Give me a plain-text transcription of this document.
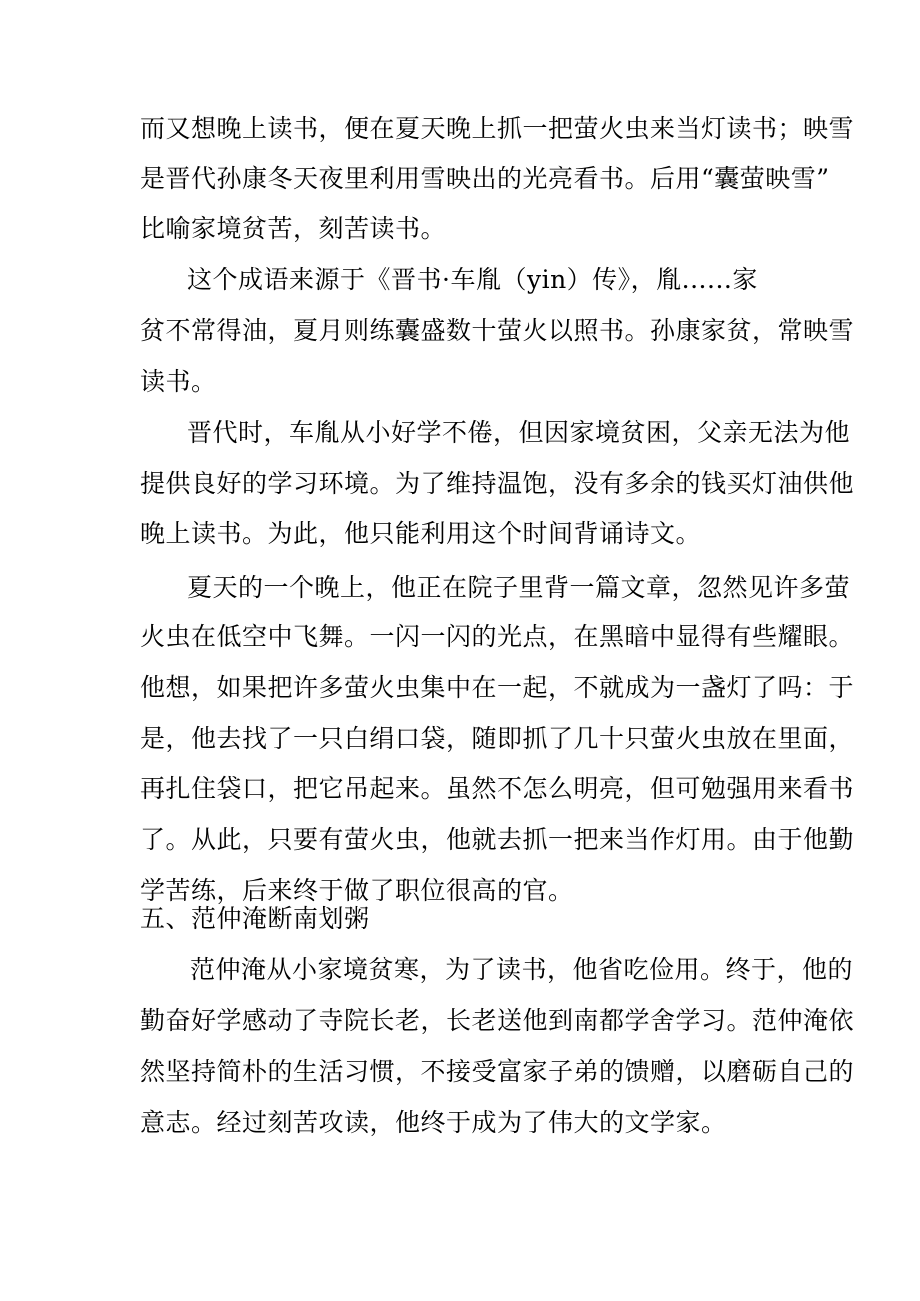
而又想晚上读书，便在夏天晚上抓一把萤火虫来当灯读书；映雪
是晋代孙康冬天夜里利用雪映出的光亮看书。后用“囊萤映雪”
比喻家境贫苦，刻苦读书。
这个成语来源于《晋书·车胤（yin）传》，胤......家
贫不常得油，夏月则练囊盛数十萤火以照书。孙康家贫，常映雪
读书。
晋代时，车胤从小好学不倦，但因家境贫困，父亲无法为他
提供良好的学习环境。为了维持温饱，没有多余的钱买灯油供他
晚上读书。为此，他只能利用这个时间背诵诗文。
夏天的一个晚上，他正在院子里背一篇文章，忽然见许多萤
火虫在低空中飞舞。一闪一闪的光点，在黑暗中显得有些耀眼。
他想，如果把许多萤火虫集中在一起，不就成为一盏灯了吗：于
是，他去找了一只白绢口袋，随即抓了几十只萤火虫放在里面，
再扎住袋口，把它吊起来。虽然不怎么明亮，但可勉强用来看书
了。从此，只要有萤火虫，他就去抓一把来当作灯用。由于他勤
学苦练，后来终于做了职位很高的官。
五、范仲淹断南划粥
范仲淹从小家境贫寒，为了读书，他省吃俭用。终于，他的
勤奋好学感动了寺院长老，长老送他到南都学舍学习。范仲淹依
然坚持简朴的生活习惯，不接受富家子弟的馈赠，以磨砺自己的
意志。经过刻苦攻读，他终于成为了伟大的文学家。
